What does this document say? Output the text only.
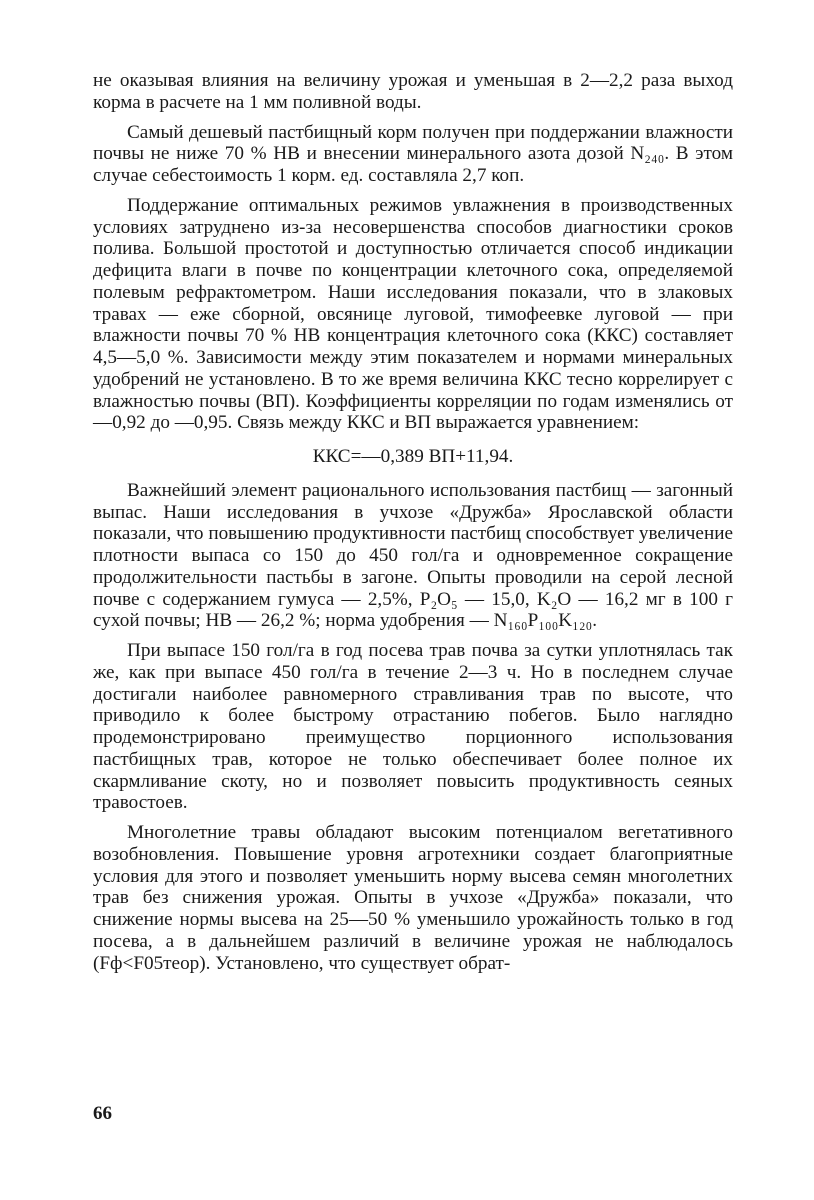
не оказывая влияния на величину урожая и уменьшая в 2—2,2 раза выход корма в расчете на 1 мм поливной воды.

Самый дешевый пастбищный корм получен при поддержании влажности почвы не ниже 70 % НВ и внесении минерального азота дозой N₂₄₀. В этом случае себестоимость 1 корм. ед. составляла 2,7 коп.

Поддержание оптимальных режимов увлажнения в производственных условиях затруднено из-за несовершенства способов диагностики сроков полива. Большой простотой и доступностью отличается способ индикации дефицита влаги в почве по концентрации клеточного сока, определяемой полевым рефрактометром. Наши исследования показали, что в злаковых травах — еже сборной, овсянице луговой, тимофеевке луговой — при влажности почвы 70 % НВ концентрация клеточного сока (ККС) составляет 4,5—5,0 %. Зависимости между этим показателем и нормами минеральных удобрений не установлено. В то же время величина ККС тесно коррелирует с влажностью почвы (ВП). Коэффициенты корреляции по годам изменялись от —0,92 до —0,95. Связь между ККС и ВП выражается уравнением:

ККС=—0,389 ВП+11,94.

Важнейший элемент рационального использования пастбищ — загонный выпас. Наши исследования в учхозе «Дружба» Ярославской области показали, что повышению продуктивности пастбищ способствует увеличение плотности выпаса со 150 до 450 гол/га и одновременное сокращение продолжительности пастьбы в загоне. Опыты проводили на серой лесной почве с содержанием гумуса — 2,5%, P₂O₅ — 15,0, K₂O — 16,2 мг в 100 г сухой почвы; НВ — 26,2 %; норма удобрения — N₁₆₀P₁₀₀K₁₂₀.

При выпасе 150 гол/га в год посева трав почва за сутки уплотнялась так же, как при выпасе 450 гол/га в течение 2—3 ч. Но в последнем случае достигали наиболее равномерного стравливания трав по высоте, что приводило к более быстрому отрастанию побегов. Было наглядно продемонстрировано преимущество порционного использования пастбищных трав, которое не только обеспечивает более полное их скармливание скоту, но и позволяет повысить продуктивность сеяных травостоев.

Многолетние травы обладают высоким потенциалом вегетативного возобновления. Повышение уровня агротехники создает благоприятные условия для этого и позволяет уменьшить норму высева семян многолетних трав без снижения урожая. Опыты в учхозе «Дружба» показали, что снижение нормы высева на 25—50 % уменьшило урожайность только в год посева, а в дальнейшем различий в величине урожая не наблюдалось (Fф<F05теор). Установлено, что существует обрат-

66
